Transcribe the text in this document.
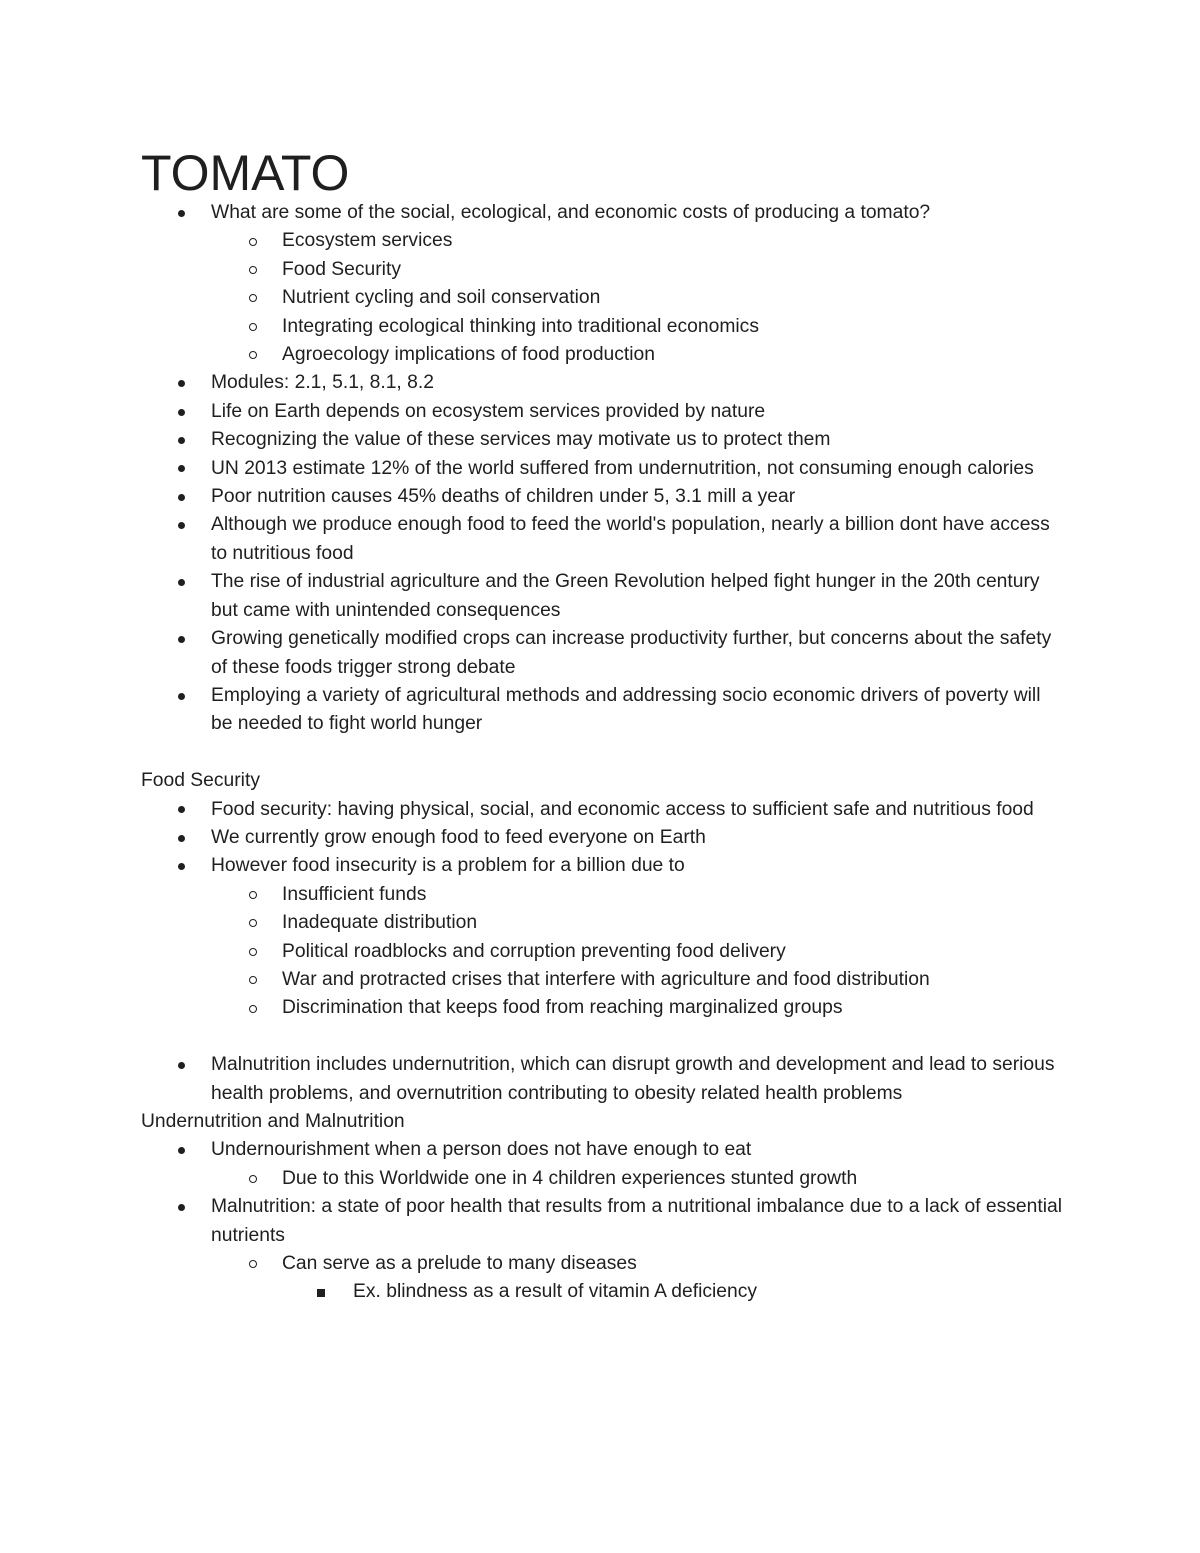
TOMATO
What are some of the social, ecological, and economic costs of producing a tomato?
Ecosystem services
Food Security
Nutrient cycling and soil conservation
Integrating ecological thinking into traditional economics
Agroecology implications of food production
Modules: 2.1, 5.1, 8.1, 8.2
Life on Earth depends on ecosystem services provided by nature
Recognizing the value of these services may motivate us to protect them
UN 2013 estimate 12% of the world suffered from undernutrition, not consuming enough calories
Poor nutrition causes 45% deaths of children under 5, 3.1 mill a year
Although we produce enough food to feed the world's population, nearly a billion dont have access to nutritious food
The rise of industrial agriculture and the Green Revolution helped fight hunger in the 20th century but came with unintended consequences
Growing genetically modified crops can increase productivity further, but concerns about the safety of these foods trigger strong debate
Employing a variety of agricultural methods and addressing socio economic drivers of poverty will be needed to fight world hunger

Food Security

Food security: having physical, social, and economic access to sufficient safe and nutritious food
We currently grow enough food to feed everyone on Earth
However food insecurity is a problem for a billion due to
Insufficient funds
Inadequate distribution
Political roadblocks and corruption preventing food delivery
War and protracted crises that interfere with agriculture and food distribution
Discrimination that keeps food from reaching marginalized groups
Malnutrition includes undernutrition, which can disrupt growth and development and lead to serious health problems, and overnutrition contributing to obesity related health problems

Undernutrition and Malnutrition

Undernourishment when a person does not have enough to eat
Due to this Worldwide one in 4 children experiences stunted growth
Malnutrition: a state of poor health that results from a nutritional imbalance due to a lack of essential nutrients
Can serve as a prelude to many diseases
Ex. blindness as a result of vitamin A deficiency
